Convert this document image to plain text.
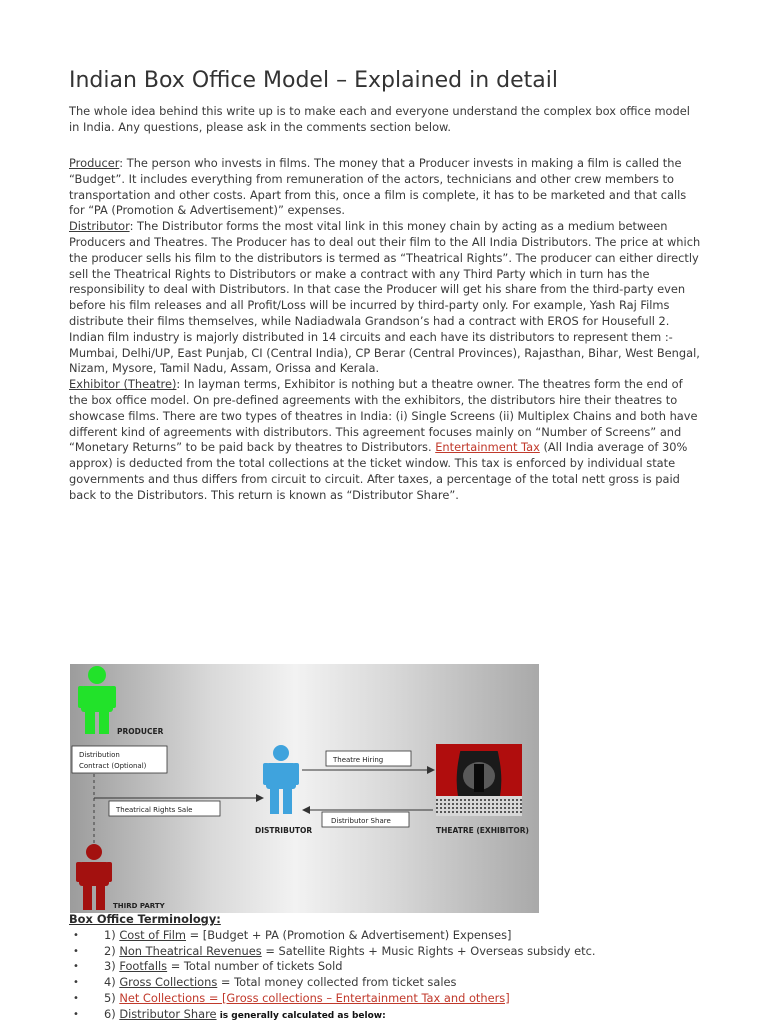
Indian Box Office Model – Explained in detail

The whole idea behind this write up is to make each and everyone understand the complex box office model in India. Any questions, please ask in the comments section below.

Producer: The person who invests in films. The money that a Producer invests in making a film is called the “Budget”. It includes everything from remuneration of the actors, technicians and other crew members to transportation and other costs. Apart from this, once a film is complete, it has to be marketed and that calls for “PA (Promotion & Advertisement)” expenses.

Distributor: The Distributor forms the most vital link in this money chain by acting as a medium between Producers and Theatres. The Producer has to deal out their film to the All India Distributors. The price at which the producer sells his film to the distributors is termed as “Theatrical Rights”. The producer can either directly sell the Theatrical Rights to Distributors or make a contract with any Third Party which in turn has the responsibility to deal with Distributors. In that case the Producer will get his share from the third-party even before his film releases and all Profit/Loss will be incurred by third-party only. For example, Yash Raj Films distribute their films themselves, while Nadiadwala Grandson’s had a contract with EROS for Housefull 2. Indian film industry is majorly distributed in 14 circuits and each have its distributors to represent them :- Mumbai, Delhi/UP, East Punjab, CI (Central India), CP Berar (Central Provinces), Rajasthan, Bihar, West Bengal, Nizam, Mysore, Tamil Nadu, Assam, Orissa and Kerala.

Exhibitor (Theatre): In layman terms, Exhibitor is nothing but a theatre owner. The theatres form the end of the box office model. On pre-defined agreements with the exhibitors, the distributors hire their theatres to showcase films. There are two types of theatres in India: (i) Single Screens (ii) Multiplex Chains and both have different kind of agreements with distributors. This agreement focuses mainly on “Number of Screens” and “Monetary Returns” to be paid back by theatres to Distributors. Entertainment Tax (All India average of 30% approx) is deducted from the total collections at the ticket window. This tax is enforced by individual state governments and thus differs from circuit to circuit. After taxes, a percentage of the total nett gross is paid back to the Distributors. This return is known as “Distributor Share”.

PRODUCER
Distribution
Contract (Optional)
Theatrical Rights Sale
DISTRIBUTOR
Theatre Hiring
Distributor Share
THEATRE (EXHIBITOR)
THIRD PARTY
Box Office Terminology:
• 1) Cost of Film = [Budget + PA (Promotion & Advertisement) Expenses]
• 2) Non Theatrical Revenues = Satellite Rights + Music Rights + Overseas subsidy etc.
• 3) Footfalls = Total number of tickets Sold
• 4) Gross Collections = Total money collected from ticket sales
• 5) Net Collections = [Gross collections – Entertainment Tax and others]
• 6) Distributor Share is generally calculated as below:
